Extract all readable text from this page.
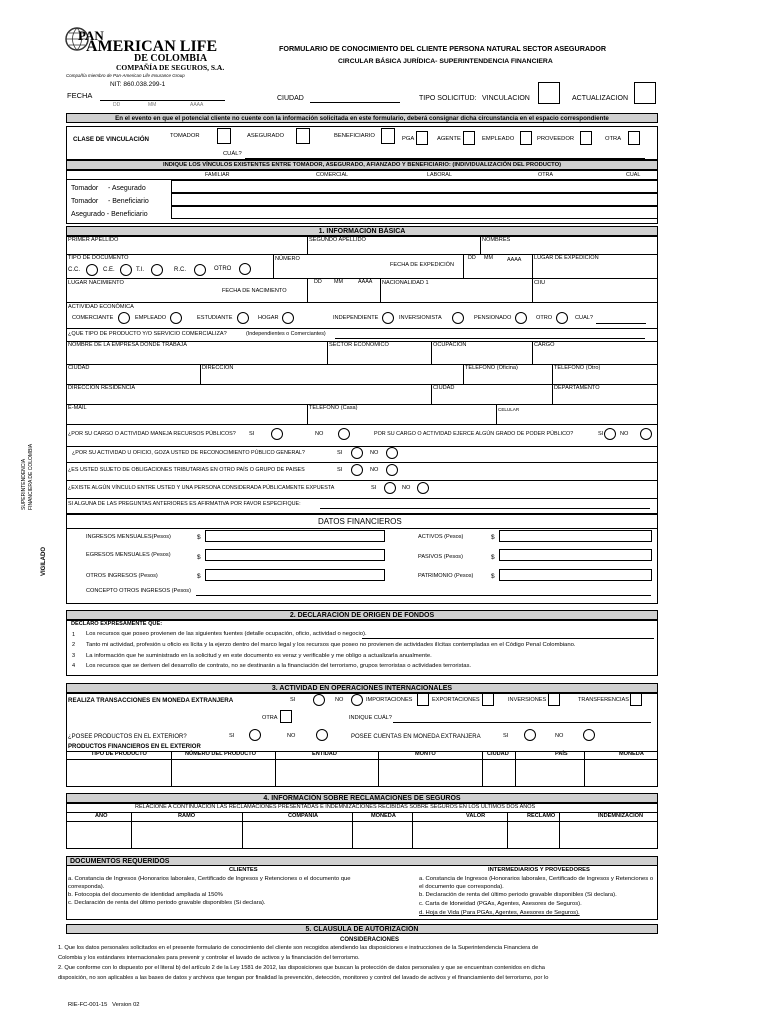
PAN
AMERICAN LIFE
DE COLOMBIA
COMPAÑÍA DE SEGUROS, S.A.
Compañía miembro de Pan-American Life Insurance Group
NIT: 860.038.299-1
FORMULARIO DE CONOCIMIENTO DEL CLIENTE PERSONA NATURAL SECTOR ASEGURADOR
CIRCULAR BÁSICA JURÍDICA- SUPERINTENDENCIA FINANCIERA
FECHA
DD	MM	AAAA
CIUDAD	TIPO SOLICITUD: VINCULACION	ACTUALIZACION
En el evento en que el potencial cliente no cuente con la información solicitada en este formulario, deberá consignar dicha circunstancia en el espacio correspondiente
CLASE DE VINCULACIÓN	TOMADOR	ASEGURADO	BENEFICIARIO	PGA	AGENTE	EMPLEADO	PROVEEDOR	OTRA
CUÁL?
INDIQUE LOS VÍNCULOS EXISTENTES ENTRE TOMADOR, ASEGURADO, AFIANZADO Y BENEFICIARIO: (INDIVIDUALIZACIÓN DEL PRODUCTO)
FAMILIAR	COMERCIAL	LABORAL	OTRA	CUAL
Tomador     - Asegurado
Tomador     - Beneficiario
Asegurado - Beneficiario
1. INFORMACIÓN BÁSICA
PRIMER APELLIDO	SEGUNDO APELLIDO	NOMBRES
TIPO DE DOCUMENTO
C.C.	C.E.	T.I.	R.C.	OTRO
NÚMERO
FECHA DE EXPEDICIÓN
DD MM	AAAA LUGAR DE EXPEDICIÓN
LUGAR NACIMIENTO
FECHA DE NACIMIENTO
DD MM	AAAA NACIONALIDAD 1	CIIU
ACTIVIDAD ECONÓMICA
COMERCIANTE	EMPLEADO	ESTUDIANTE	HOGAR	INDEPENDIENTE	INVERSIONISTA	PENSIONADO	OTRO	CUAL?
¿QUE TIPO DE PRODUCTO Y/O SERVICIO COMERCIALIZA?	(Independientes o Comerciantes)
NOMBRE DE LA EMPRESA DONDE TRABAJA	SECTOR ECONÓMICO	OCUPACIÓN	CARGO
CIUDAD	DIRECCIÓN	TELÉFONO (Oficina)	TELÉFONO (Otro)
DIRECCIÓN RESIDENCIA	CIUDAD	DEPARTAMENTO
E-MAIL	TELÉFONO (Casa)	CELULAR
¿POR SU CARGO O ACTIVIDAD MANEJA RECURSOS PÚBLICOS? SI	NO	POR SU CARGO O ACTIVIDAD EJERCE ALGÚN GRADO DE PODER PÚBLICO?	SI	NO
¿POR SU ACTIVIDAD U OFICIO, GOZA USTED DE RECONOCIMIENTO PÚBLICO GENERAL?	SI	NO
¿ES USTED SUJETO DE OBLIGACIONES TRIBUTARIAS EN OTRO PAÍS O GRUPO DE PAISES	SI	NO
¿EXISTE ALGÚN VÍNCULO ENTRE USTED Y UNA PERSONA CONSIDERADA PÚBLICAMENTE EXPUESTA	SI	NO
SI ALGUNA DE LAS PREGUNTAS ANTERIORES ES AFIRMATIVA POR FAVOR ESPECIFIQUE:
SUPERINTENDENCIA FINANCIERA DE COLOMBIA
VIGILADO
DATOS FINANCIEROS
INGRESOS MENSUALES(Pesos)	$	ACTIVOS (Pesos)	$
EGRESOS MENSUALES (Pesos)	$	PASIVOS (Pesos)	$
OTROS INGRESOS (Pesos)	$	PATRIMONIO (Pesos)	$
CONCEPTO OTROS INGRESOS (Pesos)
2. DECLARACIÓN DE ORIGEN DE FONDOS
DECLARO EXPRESAMENTE QUE:
1 Los recursos que poseo provienen de las siguientes fuentes (detalle ocupación, oficio, actividad o negocio).
2 Tanto mi actividad, profesión u oficio es lícita y la ejerzo dentro del marco legal y los recursos que poseo no provienen de actividades ilícitas contempladas en el Código Penal Colombiano.
3 La información que he suministrado en la solicitud y en este documento es veraz y verificable y me obligo a actualizarla anualmente.
4 Los recursos que se deriven del desarrollo de contrato, no se destinarán a la financiación del terrorismo, grupos terroristas o actividades terroristas.
3. ACTIVIDAD EN OPERACIONES INTERNACIONALES
REALIZA TRANSACCIONES EN MONEDA EXTRANJERA	SI	NO	IMPORTACIONES	EXPORTACIONES	INVERSIONES	TRANSFERENCIAS
OTRA	INDIQUE CUÁL?
¿POSEE PRODUCTOS EN EL EXTERIOR?	SI	NO	POSEE CUENTAS EN MONEDA EXTRANJERA	SI	NO
PRODUCTOS FINANCIEROS EN EL EXTERIOR
TIPO DE PRODUCTO	NÚMERO DEL PRODUCTO	ENTIDAD	MONTO	CIUDAD	PAÍS	MONEDA
4. INFORMACIÓN SOBRE RECLAMACIONES DE SEGUROS
RELACIONE A CONTINUACIÓN LAS RECLAMACIONES PRESENTADAS E INDEMNIZACIONES RECIBIDAS SOBRE SEGUROS EN LOS ÚLTIMOS DOS AÑOS
AÑO	RAMO	COMPAÑÍA	MONEDA	VALOR	RECLAMO	INDEMNIZACIÓN
DOCUMENTOS REQUERIDOS
CLIENTES	INTERMEDIARIOS Y PROVEEDORES
a. Constancia de Ingresos (Honorarios laborales, Certificado de Ingresos y Retenciones o el documento que
corresponda).
b. Fotocopia del documento de identidad ampliada al 150%
c. Declaración de renta del último periodo gravable disponibles (Si declara).
a. Constancia de Ingresos (Honorarios laborales, Certificado de Ingresos y Retenciones o
el documento que corresponda).
b. Declaración de renta del último periodo gravable disponibles (Si declara).
c. Carta de Idoneidad (PGAs, Agentes, Asesores de Seguros).
d. Hoja de Vida (Para PGAs, Agentes, Asesores de Seguros).
5. CLAUSULA DE AUTORIZACIÓN
CONSIDERACIONES
1. Que los datos personales solicitados en el presente formulario de conocimiento del cliente son recogidos atendiendo las disposiciones e instrucciones de la Superintendencia Financiera de
Colombia y los estándares internacionales para prevenir y controlar el lavado de activos y la financiación del terrorismo.
2. Que conforme con lo dispuesto por el literal b) del artículo 2 de la Ley 1581 de 2012, las disposiciones que buscan la protección de datos personales y que se encuentran contenidos en dicha
disposición, no son aplicables a las bases de datos y archivos que tengan por finalidad la prevención, detección, monitoreo y control del lavado de activos y el financiamiento del terrorismo, por lo
RIE-FC-001-15   Version 02
